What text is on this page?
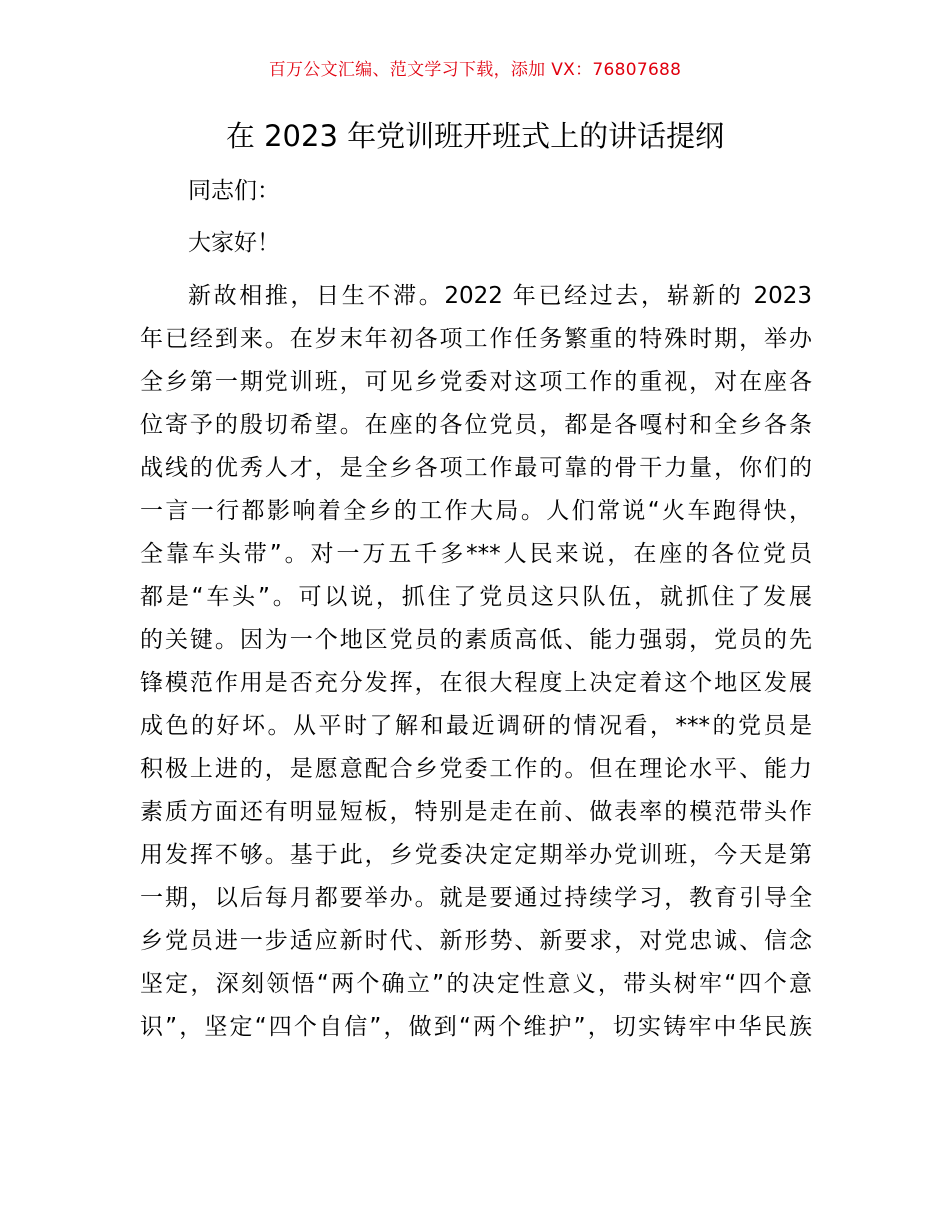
百万公文汇编、范文学习下载，添加 VX：76807688
在 2023 年党训班开班式上的讲话提纲
同志们：
大家好！
新故相推，日生不滞。2022 年已经过去，崭新的 2023
年已经到来。在岁末年初各项工作任务繁重的特殊时期，举办
全乡第一期党训班，可见乡党委对这项工作的重视，对在座各
位寄予的殷切希望。在座的各位党员，都是各嘎村和全乡各条
战线的优秀人才，是全乡各项工作最可靠的骨干力量，你们的
一言一行都影响着全乡的工作大局。人们常说“火车跑得快，
全靠车头带”。对一万五千多***人民来说，在座的各位党员
都是“车头”。可以说，抓住了党员这只队伍，就抓住了发展
的关键。因为一个地区党员的素质高低、能力强弱，党员的先
锋模范作用是否充分发挥，在很大程度上决定着这个地区发展
成色的好坏。从平时了解和最近调研的情况看，***的党员是
积极上进的，是愿意配合乡党委工作的。但在理论水平、能力
素质方面还有明显短板，特别是走在前、做表率的模范带头作
用发挥不够。基于此，乡党委决定定期举办党训班，今天是第
一期，以后每月都要举办。就是要通过持续学习，教育引导全
乡党员进一步适应新时代、新形势、新要求，对党忠诚、信念
坚定，深刻领悟“两个确立”的决定性意义，带头树牢“四个意
识”，坚定“四个自信”，做到“两个维护”，切实铸牢中华民族
